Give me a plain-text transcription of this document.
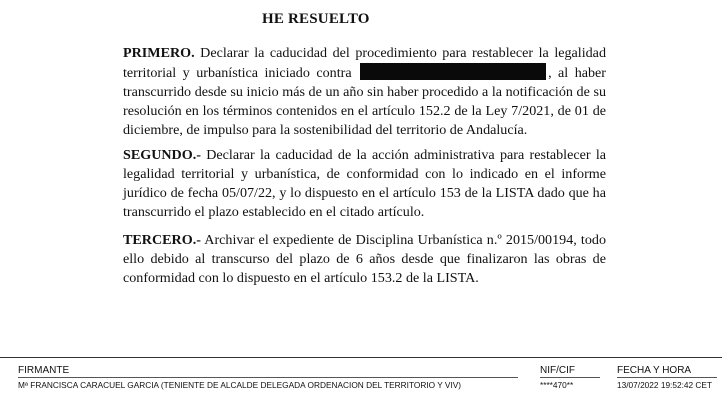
HE RESUELTO

PRIMERO. Declarar la caducidad del procedimiento para restablecer la legalidad territorial y urbanística iniciado contra	, al haber transcurrido desde su inicio más de un año sin haber procedido a la notificación de su resolución en los términos contenidos en el artículo 152.2 de la Ley 7/2021, de 01 de diciembre, de impulso para la sostenibilidad del territorio de Andalucía.

SEGUNDO.- Declarar la caducidad de la acción administrativa para restablecer la legalidad territorial y urbanística, de conformidad con lo indicado en el informe jurídico de fecha 05/07/22, y lo dispuesto en el artículo 153 de la LISTA dado que ha transcurrido el plazo establecido en el citado artículo.

TERCERO.- Archivar el expediente de Disciplina Urbanística n.º 2015/00194, todo ello debido al transcurso del plazo de 6 años desde que finalizaron las obras de conformidad con lo dispuesto en el artículo 153.2 de la LISTA.

FIRMANTE
Mª FRANCISCA CARACUEL GARCIA (TENIENTE DE ALCALDE DELEGADA ORDENACION DEL TERRITORIO Y VIV)
NIF/CIF
****470**
FECHA Y HORA
13/07/2022 19:52:42 CET
